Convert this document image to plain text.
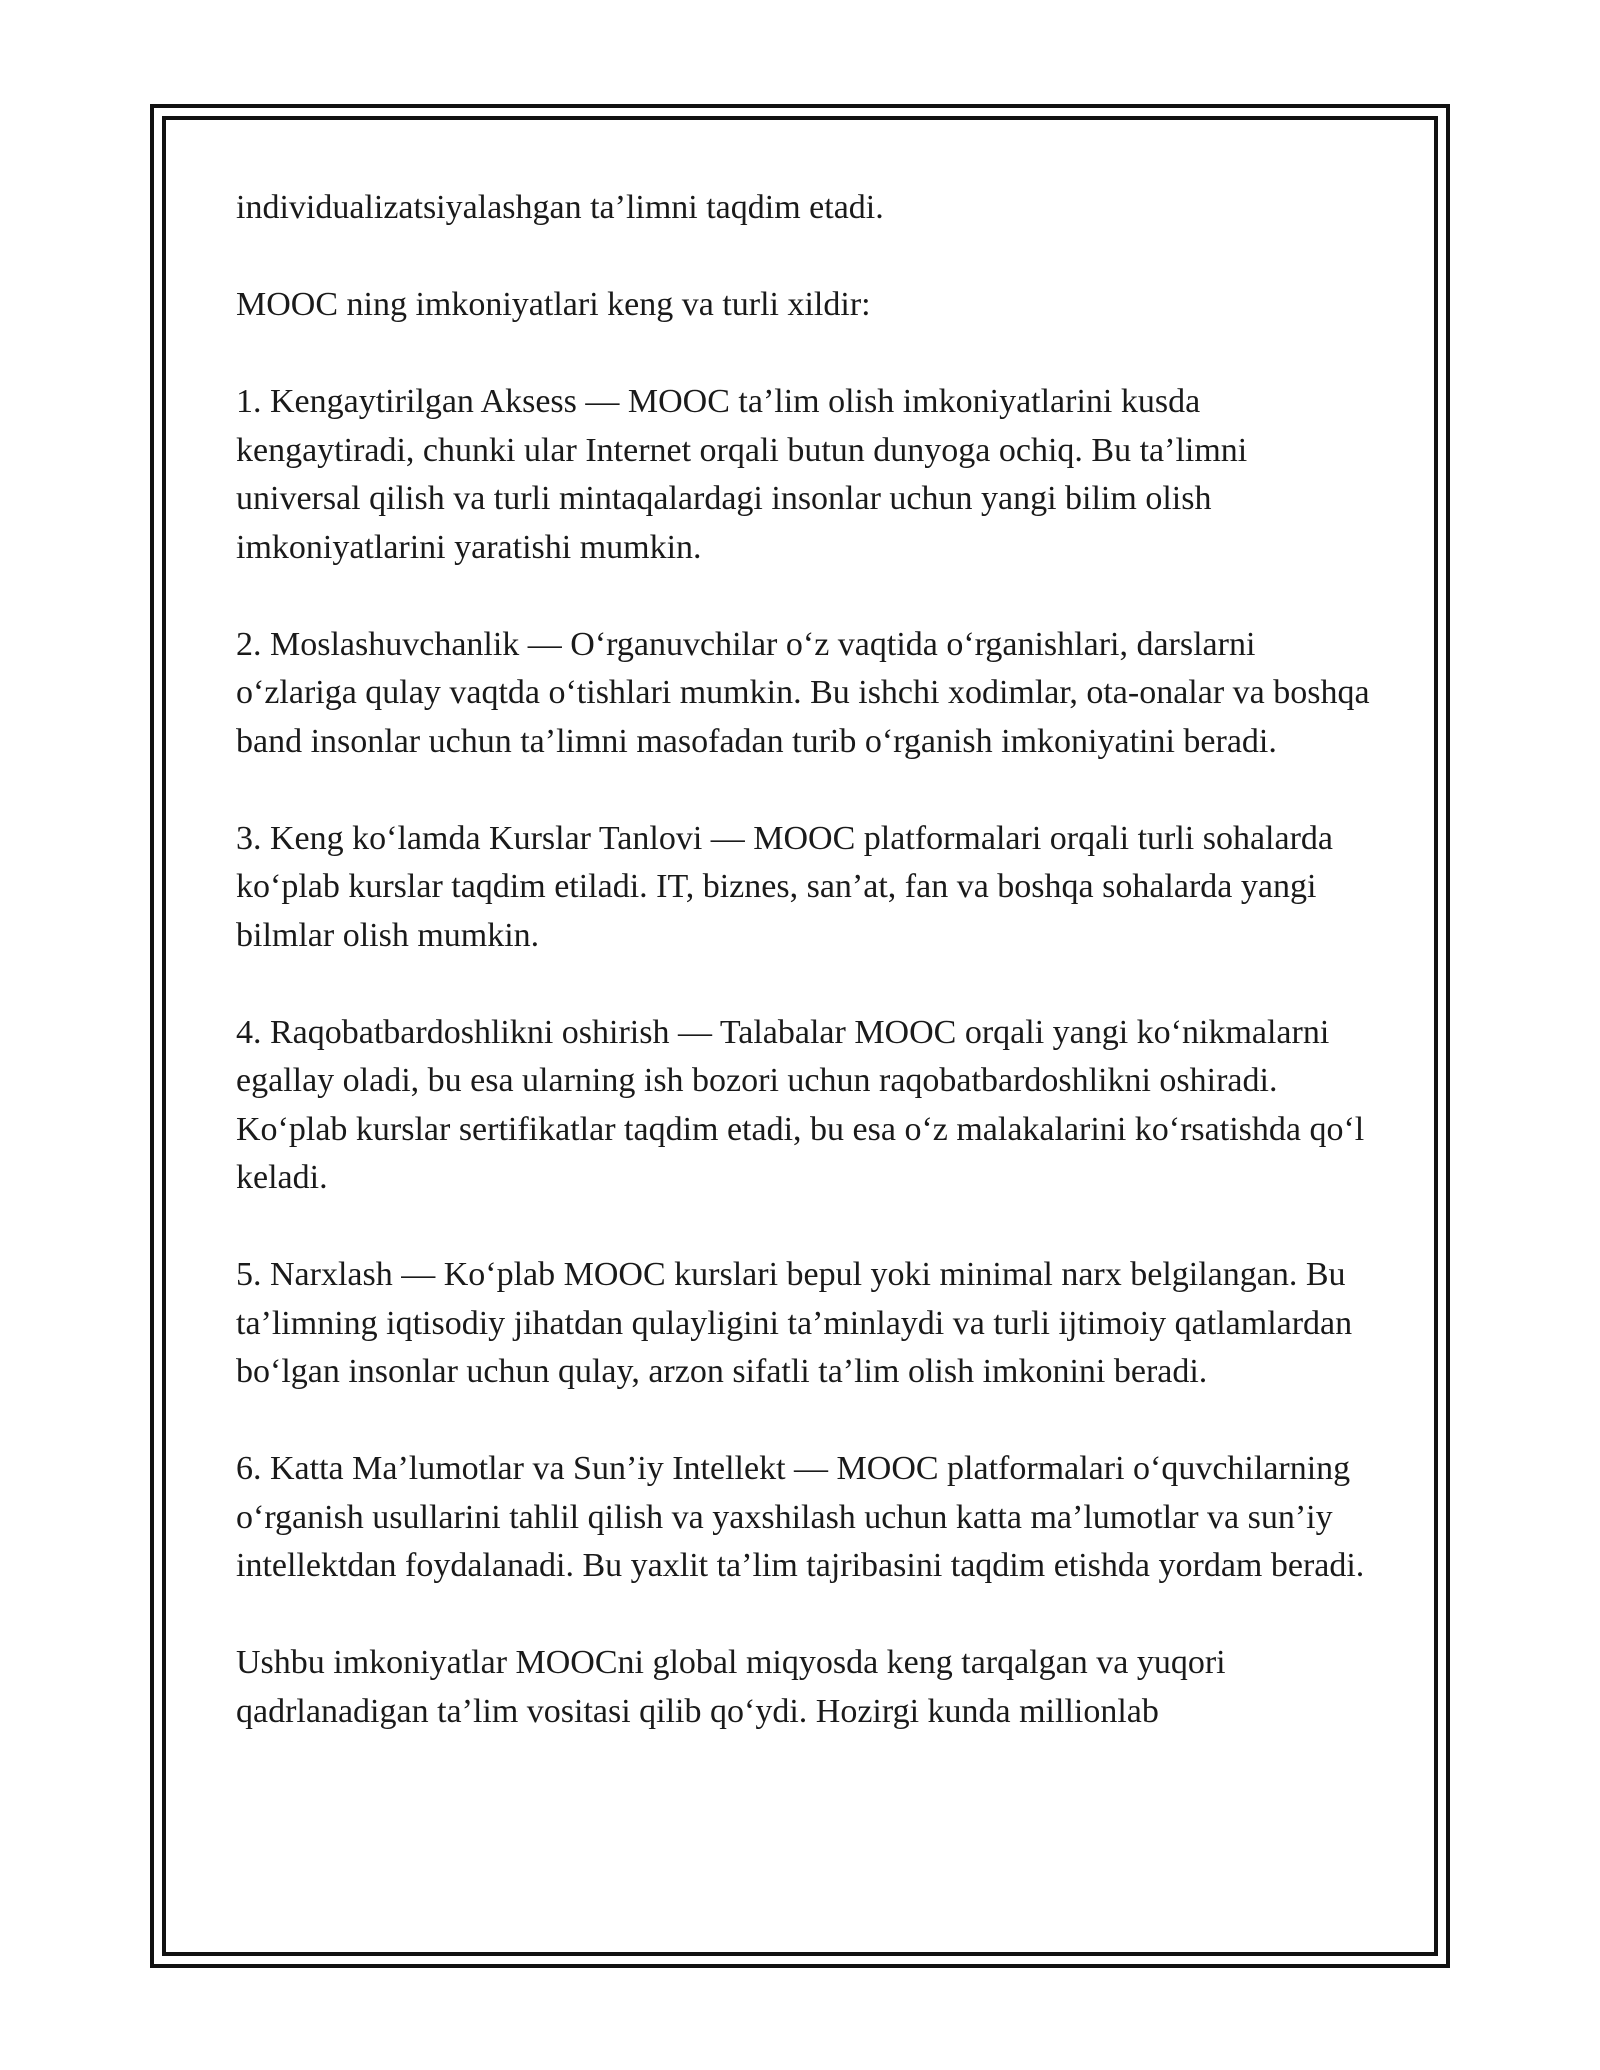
individualizatsiyalashgan ta’limni taqdim etadi.

MOOC ning imkoniyatlari keng va turli xildir:

1. Kengaytirilgan Aksess — MOOC ta’lim olish imkoniyatlarini kusda kengaytiradi, chunki ular Internet orqali butun dunyoga ochiq. Bu ta’limni universal qilish va turli mintaqalardagi insonlar uchun yangi bilim olish imkoniyatlarini yaratishi mumkin.

2. Moslashuvchanlik — O‘rganuvchilar o‘z vaqtida o‘rganishlari, darslarni o‘zlariga qulay vaqtda o‘tishlari mumkin. Bu ishchi xodimlar, ota-onalar va boshqa band insonlar uchun ta’limni masofadan turib o‘rganish imkoniyatini beradi.

3. Keng ko‘lamda Kurslar Tanlovi — MOOC platformalari orqali turli sohalarda ko‘plab kurslar taqdim etiladi. IT, biznes, san’at, fan va boshqa sohalarda yangi bilmlar olish mumkin.

4. Raqobatbardoshlikni oshirish — Talabalar MOOC orqali yangi ko‘nikmalarni egallay oladi, bu esa ularning ish bozori uchun raqobatbardoshlikni oshiradi. Ko‘plab kurslar sertifikatlar taqdim etadi, bu esa o‘z malakalarini ko‘rsatishda qo‘l keladi.

5. Narxlash — Ko‘plab MOOC kurslari bepul yoki minimal narx belgilangan. Bu ta’limning iqtisodiy jihatdan qulayligini ta’minlaydi va turli ijtimoiy qatlamlardan bo‘lgan insonlar uchun qulay, arzon sifatli ta’lim olish imkonini beradi.

6. Katta Ma’lumotlar va Sun’iy Intellekt — MOOC platformalari o‘quvchilarning o‘rganish usullarini tahlil qilish va yaxshilash uchun katta ma’lumotlar va sun’iy intellektdan foydalanadi. Bu yaxlit ta’lim tajribasini taqdim etishda yordam beradi.

Ushbu imkoniyatlar MOOCni global miqyosda keng tarqalgan va yuqori qadrlanadigan ta’lim vositasi qilib qo‘ydi. Hozirgi kunda millionlab
